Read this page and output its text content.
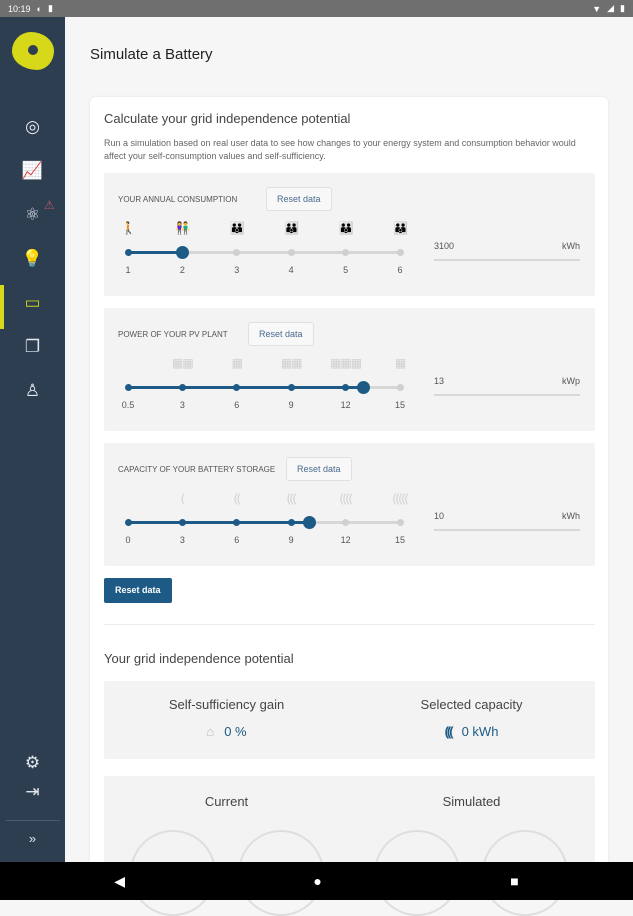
10:19 ◐ ▮	▼ ◢ ▮
◎
📈
⚛
💡
▭
❐
♙
⚠
⚙
⇥
»
Simulate a Battery
Calculate your grid independence potential
Run a simulation based on real user data to see how changes to your energy system and consumption behavior would affect your self-consumption values and self-sufficiency.
YOUR ANNUAL CONSUMPTION	Reset data
1
🚶
2
👫
3
👪
4
👪
5
👪
6
👪
3100	kWh
POWER OF YOUR PV PLANT	Reset data
0.5	3
▦▦
6
▦
9
▦▦
12
▦▦▦
15
▦
13	kWp
CAPACITY OF YOUR BATTERY STORAGE	Reset data
0	3
(
6
((
9
(((
12
((((
15
(((((
10	kWh
Reset data
Your grid independence potential
Self-sufficiency gain
⌂ 0 %
Selected capacity
((( 0 kWh
Current	Simulated
◀	●	■
